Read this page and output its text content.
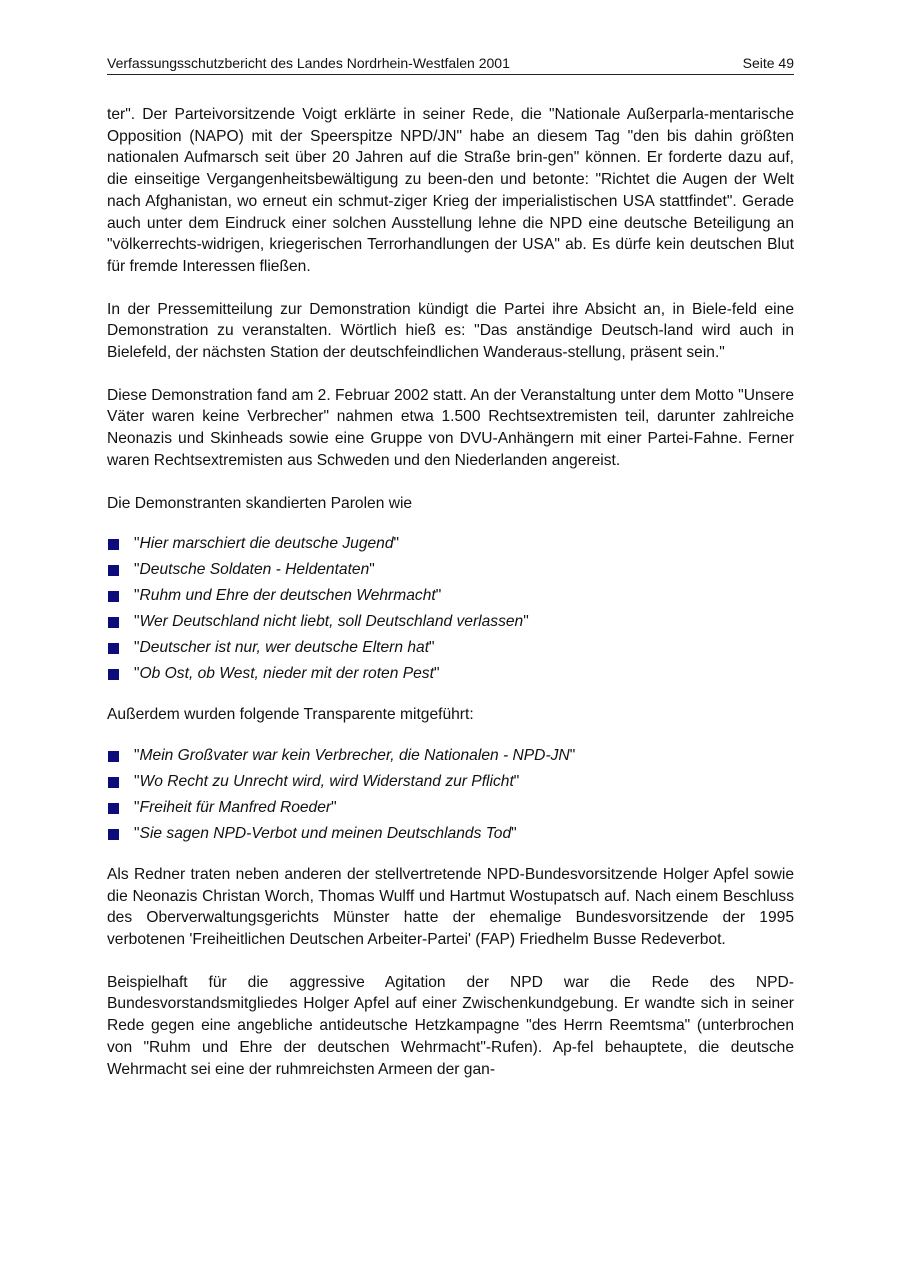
Verfassungsschutzbericht des Landes Nordrhein-Westfalen 2001	Seite 49

ter". Der Parteivorsitzende Voigt erklärte in seiner Rede, die "Nationale Außerparla-mentarische Opposition (NAPO) mit der Speerspitze NPD/JN" habe an diesem Tag "den bis dahin größten nationalen Aufmarsch seit über 20 Jahren auf die Straße brin-gen" können. Er forderte dazu auf, die einseitige Vergangenheitsbewältigung zu been-den und betonte: "Richtet die Augen der Welt nach Afghanistan, wo erneut ein schmut-ziger Krieg der imperialistischen USA stattfindet". Gerade auch unter dem Eindruck einer solchen Ausstellung lehne die NPD eine deutsche Beteiligung an "völkerrechts-widrigen, kriegerischen Terrorhandlungen der USA" ab. Es dürfe kein deutschen Blut für fremde Interessen fließen.

In der Pressemitteilung zur Demonstration kündigt die Partei ihre Absicht an, in Biele-feld eine Demonstration zu veranstalten. Wörtlich hieß es: "Das anständige Deutsch-land wird auch in Bielefeld, der nächsten Station der deutschfeindlichen Wanderaus-stellung, präsent sein."

Diese Demonstration fand am 2. Februar 2002 statt. An der Veranstaltung unter dem Motto "Unsere Väter waren keine Verbrecher" nahmen etwa 1.500 Rechtsextremisten teil, darunter zahlreiche Neonazis und Skinheads sowie eine Gruppe von DVU-Anhängern mit einer Partei-Fahne. Ferner waren Rechtsextremisten aus Schweden und den Niederlanden angereist.

Die Demonstranten skandierten Parolen wie

"Hier marschiert die deutsche Jugend"
"Deutsche Soldaten - Heldentaten"
"Ruhm und Ehre der deutschen Wehrmacht"
"Wer Deutschland nicht liebt, soll Deutschland verlassen"
"Deutscher ist nur, wer deutsche Eltern hat"
"Ob Ost, ob West, nieder mit der roten Pest"

Außerdem wurden folgende Transparente mitgeführt:

"Mein Großvater war kein Verbrecher, die Nationalen - NPD-JN"
"Wo Recht zu Unrecht wird, wird Widerstand zur Pflicht"
"Freiheit für Manfred Roeder"
"Sie sagen NPD-Verbot und meinen Deutschlands Tod"

Als Redner traten neben anderen der stellvertretende NPD-Bundesvorsitzende Holger Apfel sowie die Neonazis Christan Worch, Thomas Wulff und Hartmut Wostupatsch auf. Nach einem Beschluss des Oberverwaltungsgerichts Münster hatte der ehemalige Bundesvorsitzende der 1995 verbotenen 'Freiheitlichen Deutschen Arbeiter-Partei' (FAP) Friedhelm Busse Redeverbot.

Beispielhaft für die aggressive Agitation der NPD war die Rede des NPD-Bundesvorstandsmitgliedes Holger Apfel auf einer Zwischenkundgebung. Er wandte sich in seiner Rede gegen eine angebliche antideutsche Hetzkampagne "des Herrn Reemtsma" (unterbrochen von "Ruhm und Ehre der deutschen Wehrmacht"-Rufen). Ap-fel behauptete, die deutsche Wehrmacht sei eine der ruhmreichsten Armeen der gan-
